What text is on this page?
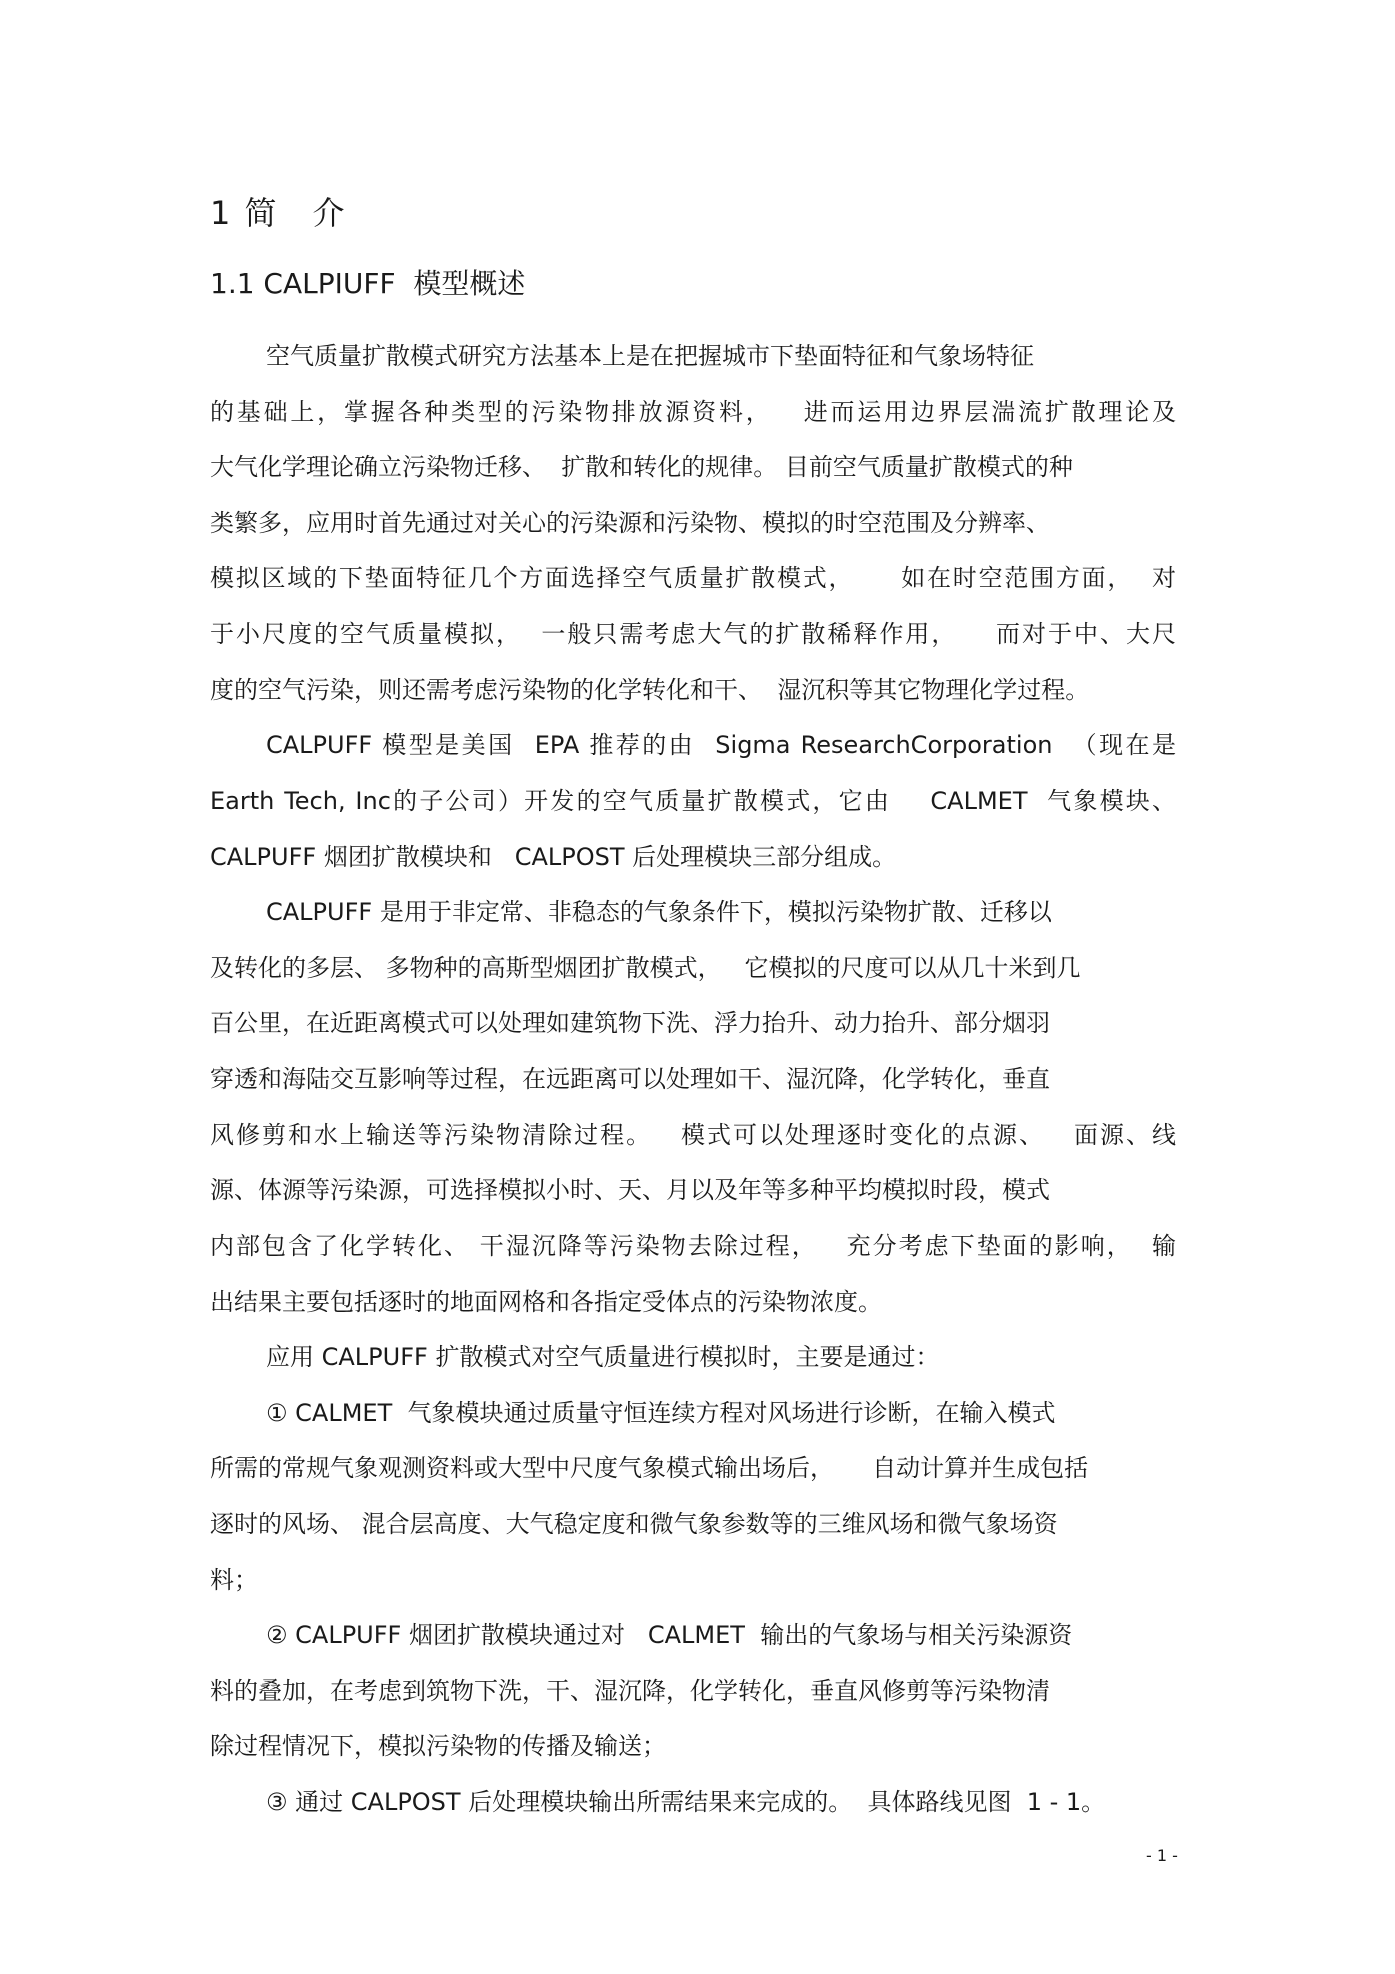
1 简　介
1.1 CALPIUFF  模型概述
空气质量扩散模式研究方法基本上是在把握城市下垫面特征和气象场特征
的基础上，掌握各种类型的污染物排放源资料，   进而运用边界层湍流扩散理论及
大气化学理论确立污染物迁移、  扩散和转化的规律。 目前空气质量扩散模式的种
类繁多，应用时首先通过对关心的污染源和污染物、模拟的时空范围及分辨率、
模拟区域的下垫面特征几个方面选择空气质量扩散模式，     如在时空范围方面，  对
于小尺度的空气质量模拟，  一般只需考虑大气的扩散稀释作用，    而对于中、大尺
度的空气污染，则还需考虑污染物的化学转化和干、  湿沉积等其它物理化学过程。
CALPUFF 模型是美国  EPA 推荐的由  Sigma ResearchCorporation  （现在是
Earth Tech, Inc的子公司）开发的空气质量扩散模式，它由    CALMET  气象模块、
CALPUFF 烟团扩散模块和   CALPOST 后处理模块三部分组成。
CALPUFF 是用于非定常、非稳态的气象条件下，模拟污染物扩散、迁移以
及转化的多层、 多物种的高斯型烟团扩散模式，   它模拟的尺度可以从几十米到几
百公里，在近距离模式可以处理如建筑物下洗、浮力抬升、动力抬升、部分烟羽
穿透和海陆交互影响等过程，在远距离可以处理如干、湿沉降，化学转化，垂直
风修剪和水上输送等污染物清除过程。   模式可以处理逐时变化的点源、   面源、线
源、体源等污染源，可选择模拟小时、天、月以及年等多种平均模拟时段，模式
内部包含了化学转化、 干湿沉降等污染物去除过程，   充分考虑下垫面的影响，  输
出结果主要包括逐时的地面网格和各指定受体点的污染物浓度。
应用 CALPUFF 扩散模式对空气质量进行模拟时，主要是通过：
① CALMET  气象模块通过质量守恒连续方程对风场进行诊断，在输入模式
所需的常规气象观测资料或大型中尺度气象模式输出场后，     自动计算并生成包括
逐时的风场、 混合层高度、大气稳定度和微气象参数等的三维风场和微气象场资
料；
② CALPUFF 烟团扩散模块通过对   CALMET  输出的气象场与相关污染源资
料的叠加，在考虑到筑物下洗，干、湿沉降，化学转化，垂直风修剪等污染物清
除过程情况下，模拟污染物的传播及输送；
③ 通过 CALPOST 后处理模块输出所需结果来完成的。  具体路线见图  1 - 1。
- 1 -
